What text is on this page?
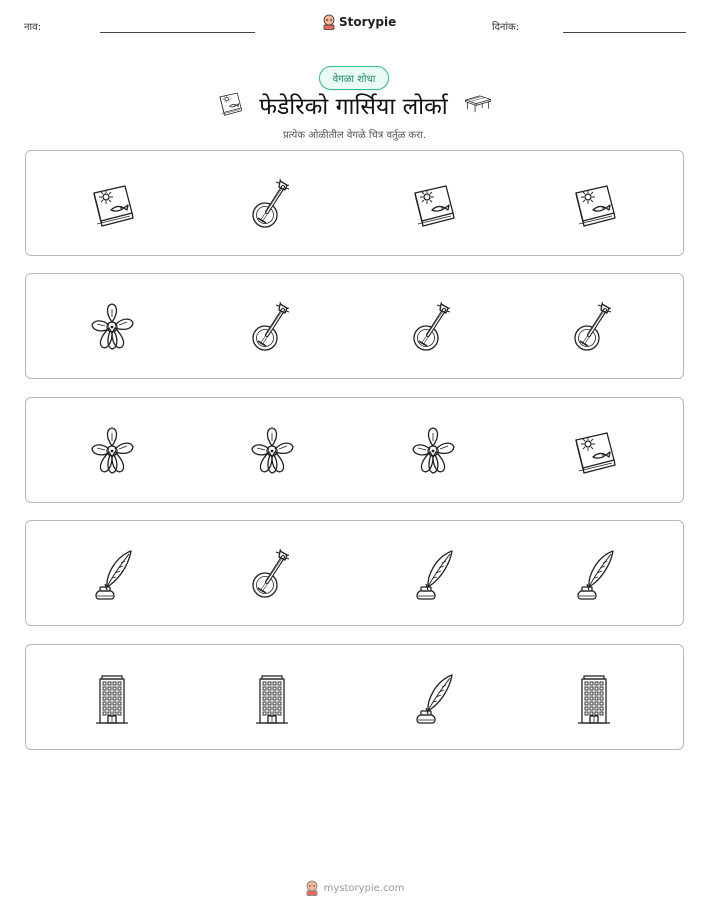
नाव:	Storypie	दिनांक:
वेगळा शोधा
फेडेरिको गार्सिया लोर्का
प्रत्येक ओळीतील वेगळे चित्र वर्तुळ करा.
mystorypie.com
